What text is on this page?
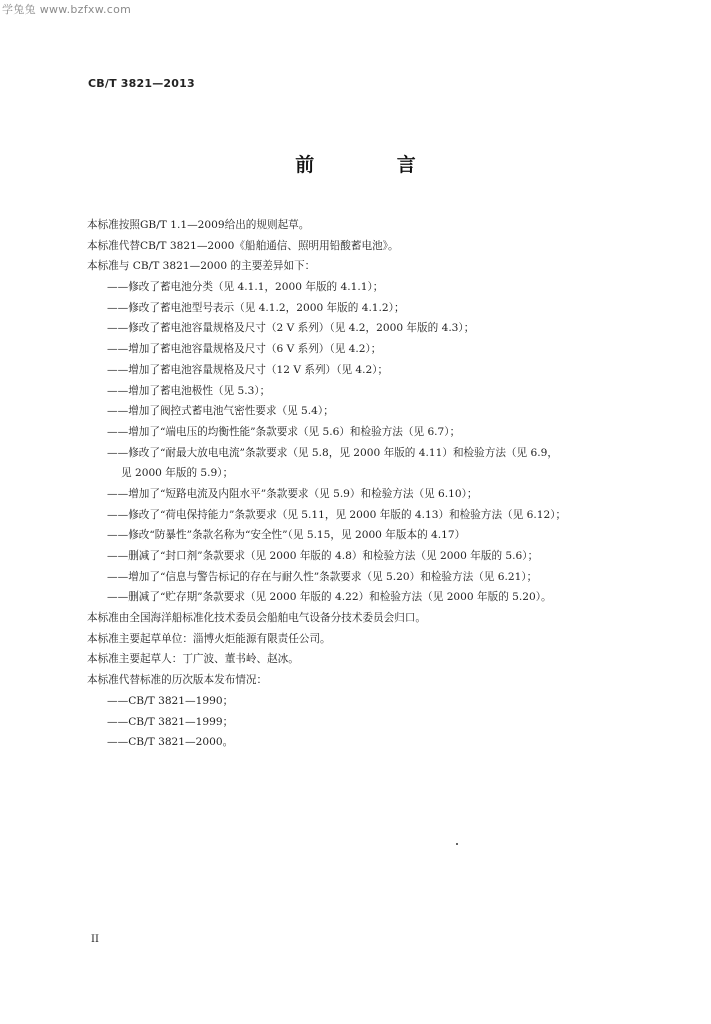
学兔兔 www.bzfxw.com
CB/T 3821—2013
前 言
本标准按照GB/T 1.1—2009给出的规则起草。
本标准代替CB/T 3821—2000《船舶通信、照明用铅酸蓄电池》。
本标准与 CB/T 3821—2000 的主要差异如下：
——修改了蓄电池分类（见 4.1.1，2000 年版的 4.1.1）；
——修改了蓄电池型号表示（见 4.1.2，2000 年版的 4.1.2）；
——修改了蓄电池容量规格及尺寸（2 V 系列）（见 4.2，2000 年版的 4.3）；
——增加了蓄电池容量规格及尺寸（6 V 系列）（见 4.2）；
——增加了蓄电池容量规格及尺寸（12 V 系列）（见 4.2）；
——增加了蓄电池极性（见 5.3）；
——增加了阀控式蓄电池气密性要求（见 5.4）；
——增加了“端电压的均衡性能”条款要求（见 5.6）和检验方法（见 6.7）；
——修改了“耐最大放电电流”条款要求（见 5.8，见 2000 年版的 4.11）和检验方法（见 6.9，
见 2000 年版的 5.9）；
——增加了“短路电流及内阻水平”条款要求（见 5.9）和检验方法（见 6.10）；
——修改了“荷电保持能力”条款要求（见 5.11，见 2000 年版的 4.13）和检验方法（见 6.12）；
——修改“防暴性”条款名称为“安全性”（见 5.15，见 2000 年版本的 4.17）
——删减了“封口剂”条款要求（见 2000 年版的 4.8）和检验方法（见 2000 年版的 5.6）；
——增加了“信息与警告标记的存在与耐久性”条款要求（见 5.20）和检验方法（见 6.21）；
——删减了“贮存期”条款要求（见 2000 年版的 4.22）和检验方法（见 2000 年版的 5.20）。
本标准由全国海洋船标准化技术委员会船舶电气设备分技术委员会归口。
本标准主要起草单位：淄博火炬能源有限责任公司。
本标准主要起草人：丁广波、董书岭、赵冰。
本标准代替标准的历次版本发布情况：
——CB/T 3821—1990；
——CB/T 3821—1999；
——CB/T 3821—2000。
II
